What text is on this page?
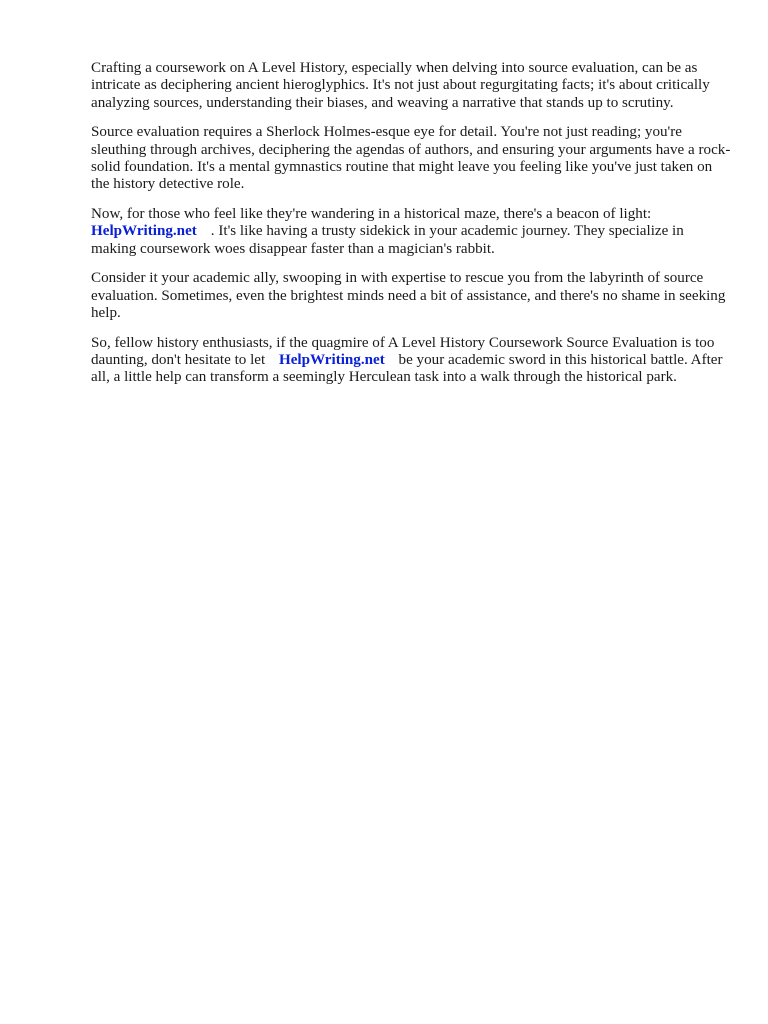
Crafting a coursework on A Level History, especially when delving into source evaluation, can be as intricate as deciphering ancient hieroglyphics. It's not just about regurgitating facts; it's about critically analyzing sources, understanding their biases, and weaving a narrative that stands up to scrutiny.

Source evaluation requires a Sherlock Holmes-esque eye for detail. You're not just reading; you're sleuthing through archives, deciphering the agendas of authors, and ensuring your arguments have a rock-solid foundation. It's a mental gymnastics routine that might leave you feeling like you've just taken on the history detective role.

Now, for those who feel like they're wandering in a historical maze, there's a beacon of light:
HelpWriting.net . It's like having a trusty sidekick in your academic journey. They specialize in making coursework woes disappear faster than a magician's rabbit.

Consider it your academic ally, swooping in with expertise to rescue you from the labyrinth of source evaluation. Sometimes, even the brightest minds need a bit of assistance, and there's no shame in seeking help.

So, fellow history enthusiasts, if the quagmire of A Level History Coursework Source Evaluation is too daunting, don't hesitate to let HelpWriting.net be your academic sword in this historical battle. After all, a little help can transform a seemingly Herculean task into a walk through the historical park.
